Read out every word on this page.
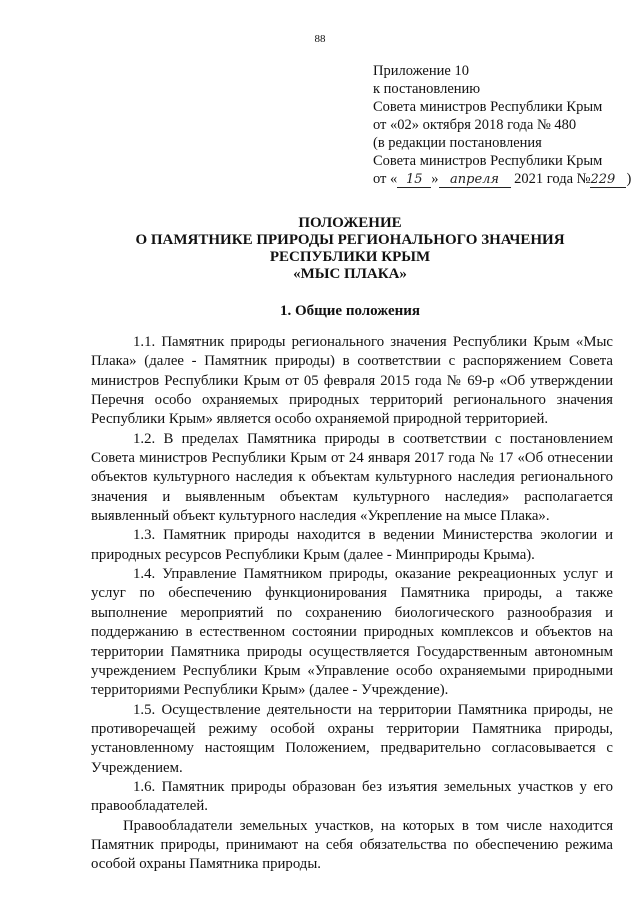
88
Приложение 10
к постановлению
Совета министров Республики Крым
от «02» октября 2018 года № 480
(в редакции постановления
Совета министров Республики Крым
от « 15 » апреля 2021 года №229 )
ПОЛОЖЕНИЕ
О ПАМЯТНИКЕ ПРИРОДЫ РЕГИОНАЛЬНОГО ЗНАЧЕНИЯ
РЕСПУБЛИКИ КРЫМ
«МЫС ПЛАКА»
1. Общие положения

1.1. Памятник природы регионального значения Республики Крым «Мыс Плака» (далее - Памятник природы) в соответствии с распоряжением Совета министров Республики Крым от 05 февраля 2015 года № 69-р «Об утверждении Перечня особо охраняемых природных территорий регионального значения Республики Крым» является особо охраняемой природной территорией.

1.2. В пределах Памятника природы в соответствии с постановлением Совета министров Республики Крым от 24 января 2017 года № 17 «Об отнесении объектов культурного наследия к объектам культурного наследия регионального значения и выявленным объектам культурного наследия» располагается выявленный объект культурного наследия «Укрепление на мысе Плака».

1.3. Памятник природы находится в ведении Министерства экологии и природных ресурсов Республики Крым (далее - Минприроды Крыма).

1.4. Управление Памятником природы, оказание рекреационных услуг и услуг по обеспечению функционирования Памятника природы, а также выполнение мероприятий по сохранению биологического разнообразия и поддержанию в естественном состоянии природных комплексов и объектов на территории Памятника природы осуществляется Государственным автономным учреждением Республики Крым «Управление особо охраняемыми природными территориями Республики Крым» (далее - Учреждение).

1.5. Осуществление деятельности на территории Памятника природы, не противоречащей режиму особой охраны территории Памятника природы, установленному настоящим Положением, предварительно согласовывается с Учреждением.

1.6. Памятник природы образован без изъятия земельных участков у его правообладателей.

Правообладатели земельных участков, на которых в том числе находится Памятник природы, принимают на себя обязательства по обеспечению режима особой охраны Памятника природы.
